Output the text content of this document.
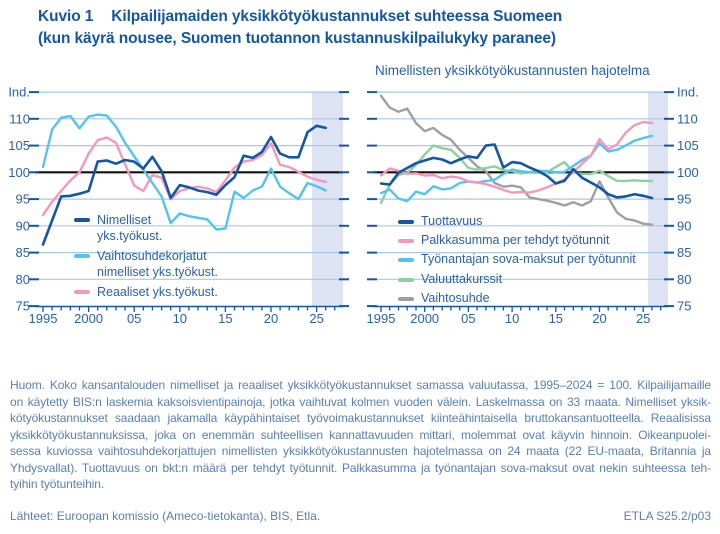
Kuvio 1 Kilpailijamaiden yksikkötyökustannukset suhteessa Suomeen
(kun käyrä nousee, Suomen tuotannon kustannuskilpailukyky paranee)
Nimellisten yksikkötyökustannusten hajotelma
1995 2000 05 10 15 20 25
75
80
85
90
95
100
105
110
Ind.
1995 2000 05 10 15 20 25
75
80
85
90
95
100
105
110
Ind.
Nimelliset
yks.työkust.
Vaihtosuhdekorjatut
nimelliset yks.työkust.
Reaaliset yks.työkust.
Tuottavuus
Palkkasumma per tehdyt työtunnit
Työnantajan sova-maksut per työtunnit
Valuuttakurssit
Vaihtosuhde
Huom. Koko kansantalouden nimelliset ja reaaliset yksikkötyökustannukset samassa valuutassa, 1995–2024 = 100. Kilpailijamaille
on käytetty BIS:n laskemia kaksoisvientipainoja, jotka vaihtuvat kolmen vuoden välein. Laskelmassa on 33 maata. Nimelliset yksik-
kötyökustannukset saadaan jakamalla käypähintaiset työvoimakustannukset kiinteähintaisella bruttokansantuotteella. Reaalisissa
yksikkötyökustannuksissa, joka on enemmän suhteellisen kannattavuuden mittari, molemmat ovat käyvin hinnoin. Oikeanpuolei-
sessa kuviossa vaihtosuhdekorjattujen nimellisten yksikkötyökustannusten hajotelmassa on 24 maata (22 EU-maata, Britannia ja
Yhdysvallat). Tuottavuus on bkt:n määrä per tehdyt työtunnit. Palkkasumma ja työnantajan sova-maksut ovat nekin suhteessa teh-
tyihin työtunteihin.
Lähteet: Euroopan komissio (Ameco-tietokanta), BIS, Etla.	ETLA S25.2/p03
